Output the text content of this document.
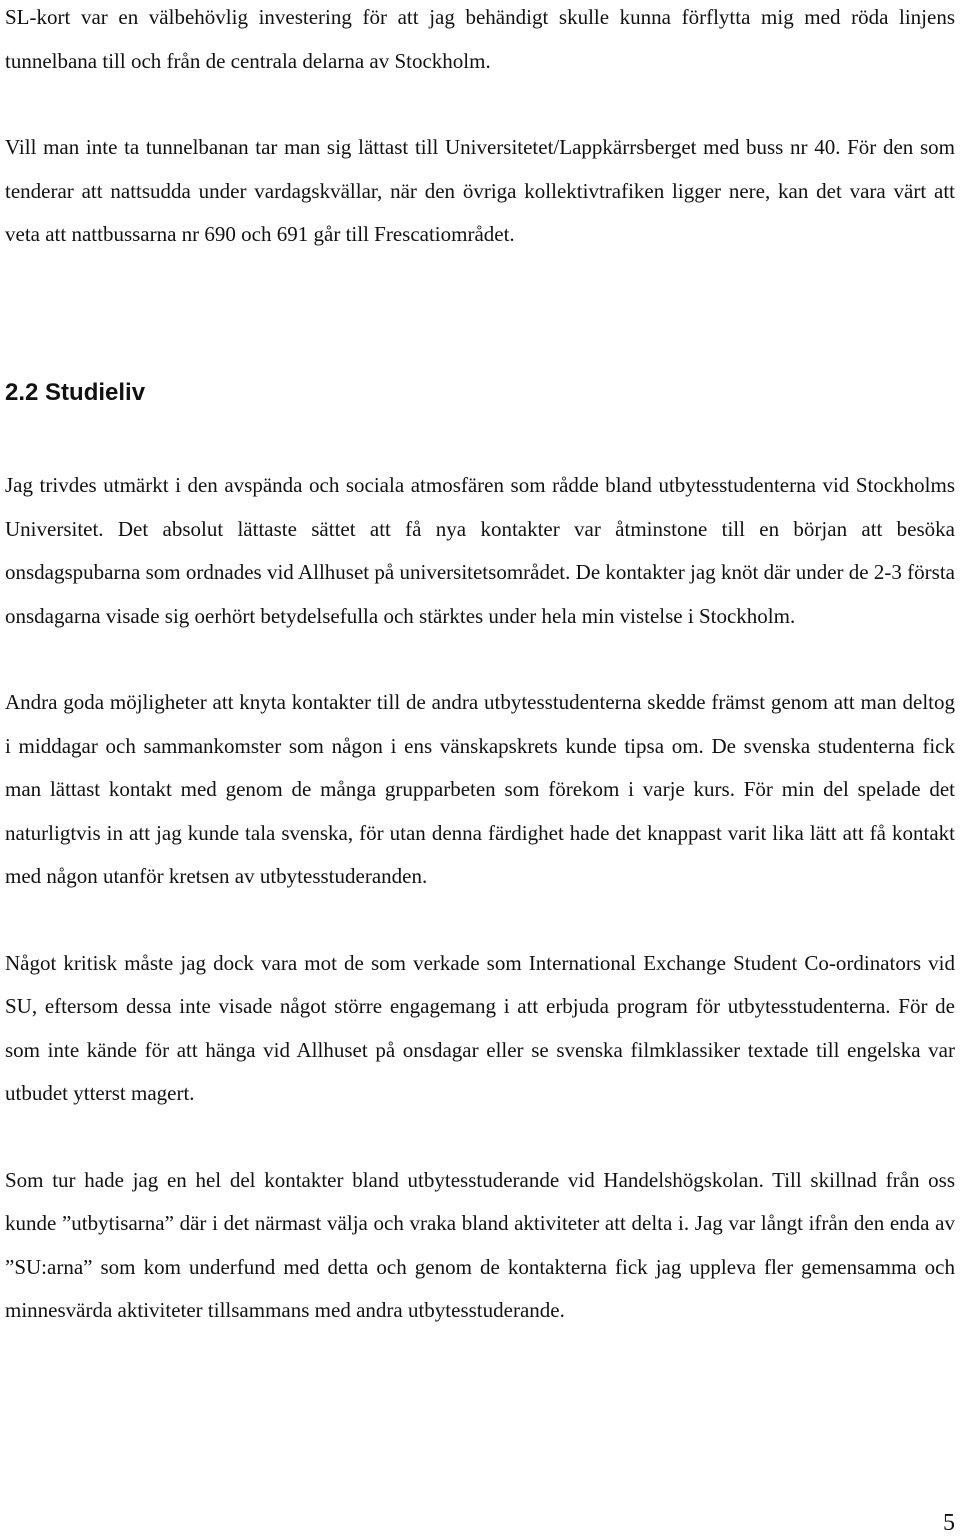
SL-kort var en välbehövlig investering för att jag behändigt skulle kunna förflytta mig med röda linjens tunnelbana till och från de centrala delarna av Stockholm.

Vill man inte ta tunnelbanan tar man sig lättast till Universitetet/Lappkärrsberget med buss nr 40. För den som tenderar att nattsudda under vardagskvällar, när den övriga kollektivtrafiken ligger nere, kan det vara värt att veta att nattbussarna nr 690 och 691 går till Frescatiområdet.

2.2 Studieliv

Jag trivdes utmärkt i den avspända och sociala atmosfären som rådde bland utbytesstudenterna vid Stockholms Universitet. Det absolut lättaste sättet att få nya kontakter var åtminstone till en början att besöka onsdagspubarna som ordnades vid Allhuset på universitetsområdet. De kontakter jag knöt där under de 2-3 första onsdagarna visade sig oerhört betydelsefulla och stärktes under hela min vistelse i Stockholm.

Andra goda möjligheter att knyta kontakter till de andra utbytesstudenterna skedde främst genom att man deltog i middagar och sammankomster som någon i ens vänskapskrets kunde tipsa om. De svenska studenterna fick man lättast kontakt med genom de många grupparbeten som förekom i varje kurs. För min del spelade det naturligtvis in att jag kunde tala svenska, för utan denna färdighet hade det knappast varit lika lätt att få kontakt med någon utanför kretsen av utbytesstuderanden.

Något kritisk måste jag dock vara mot de som verkade som International Exchange Student Co-ordinators vid SU, eftersom dessa inte visade något större engagemang i att erbjuda program för utbytesstudenterna. För de som inte kände för att hänga vid Allhuset på onsdagar eller se svenska filmklassiker textade till engelska var utbudet ytterst magert.

Som tur hade jag en hel del kontakter bland utbytesstuderande vid Handelshögskolan. Till skillnad från oss kunde ”utbytisarna” där i det närmast välja och vraka bland aktiviteter att delta i. Jag var långt ifrån den enda av ”SU:arna” som kom underfund med detta och genom de kontakterna fick jag uppleva fler gemensamma och minnesvärda aktiviteter tillsammans med andra utbytesstuderande.

5
